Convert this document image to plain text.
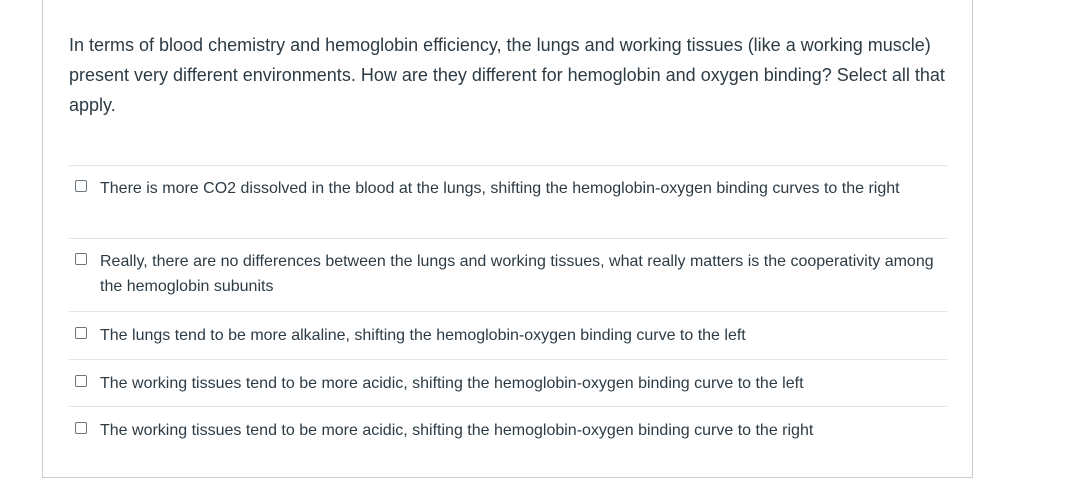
In terms of blood chemistry and hemoglobin efficiency, the lungs and working tissues (like a working muscle) present very different environments. How are they different for hemoglobin and oxygen binding? Select all that apply.

There is more CO2 dissolved in the blood at the lungs, shifting the hemoglobin-oxygen binding curves to the right
Really, there are no differences between the lungs and working tissues, what really matters is the cooperativity among the hemoglobin subunits
The lungs tend to be more alkaline, shifting the hemoglobin-oxygen binding curve to the left
The working tissues tend to be more acidic, shifting the hemoglobin-oxygen binding curve to the left
The working tissues tend to be more acidic, shifting the hemoglobin-oxygen binding curve to the right
